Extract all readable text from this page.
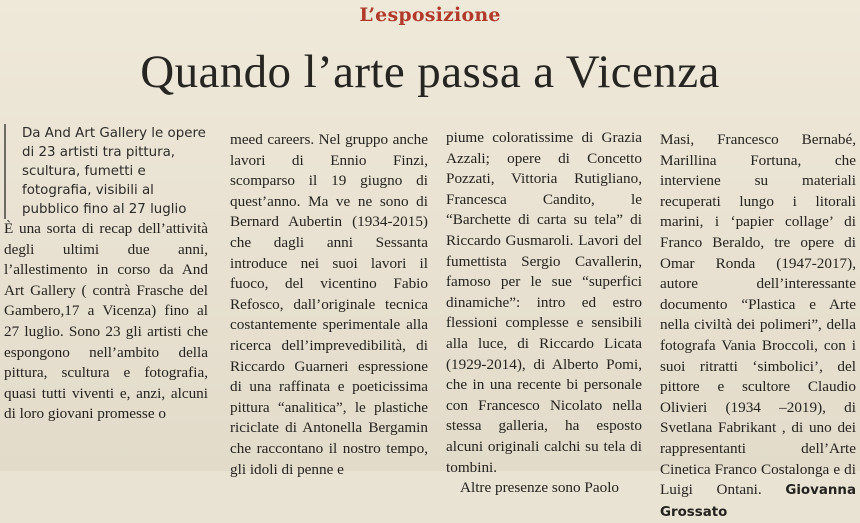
L’esposizione
Quando l’arte passa a Vicenza

Da And Art Gallery le opere di 23 artisti tra pittura, scultura, fumetti e fotografia, visibili al pubblico fino al 27 luglio

È una sorta di recap dell’attività degli ultimi due anni, l’allestimento in corso da And Art Gallery ( contrà Frasche del Gambero,17 a Vicenza) fino al 27 luglio. Sono 23 gli artisti che espongono nell’ambito della pittura, scultura e fotografia, quasi tutti viventi e, anzi, alcuni di loro giovani promesse o

meed careers. Nel gruppo anche lavori di Ennio Finzi, scomparso il 19 giugno di quest’anno. Ma ve ne sono di Bernard Aubertin (1934-2015) che dagli anni Sessanta introduce nei suoi lavori il fuoco, del vicentino Fabio Refosco, dall’originale tecnica costantemente sperimentale alla ricerca dell’imprevedibilità, di Riccardo Guarneri espressione di una raffinata e poeticissima pittura “analitica”, le plastiche riciclate di Antonella Bergamin che raccontano il nostro tempo, gli idoli di penne e

piume coloratissime di Grazia Azzali; opere di Concetto Pozzati, Vittoria Rutigliano, Francesca Candito, le “Barchette di carta su tela” di Riccardo Gusmaroli. Lavori del fumettista Sergio Cavallerin, famoso per le sue “superfici dinamiche”: intro ed estro flessioni complesse e sensibili alla luce, di Riccardo Licata (1929-2014), di Alberto Pomi, che in una recente bi personale con Francesco Nicolato nella stessa galleria, ha esposto alcuni originali calchi su tela di tombini.

Altre presenze sono Paolo

Masi, Francesco Bernabé, Marillina Fortuna, che interviene su materiali recuperati lungo i litorali marini, i ‘papier collage’ di Franco Beraldo, tre opere di Omar Ronda (1947-2017), autore dell’interessante documento “Plastica e Arte nella civiltà dei polimeri”, della fotografa Vania Broccoli, con i suoi ritratti ‘simbolici’, del pittore e scultore Claudio Olivieri (1934 –2019), di Svetlana Fabrikant , di uno dei rappresentanti dell’Arte Cinetica Franco Costalonga e di Luigi Ontani. Giovanna Grossato
